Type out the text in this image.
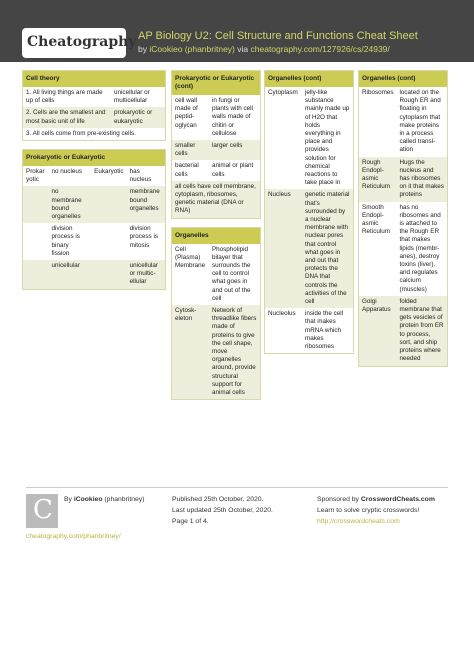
Cheatography AP Biology U2: Cell Structure and Functions Cheat Sheet
by iCookieo (phanbritney) via cheatography.com/127926/cs/24939/
Cell theory
1. All living things are made up of cells	unicellular or multicellular
2. Cells are the smallest and most basic unit of life	prokaryotic or eukaryotic
3. All cells come from pre-existing cells.
Prokaryotic or Eukaryotic
Prokar yotic	no nucleus	Eukaryotic	has nucleus
	no membrane bound organelles		membrane bound organelles
	division process is binary fission		division process is mitosis
	unicellular		unicellular or multicellular
Prokaryotic or Eukaryotic (cont)
cell wall made of peptidoglycan	in fungi or plants with cell walls made of chitin or cellulose
smaller cells	larger cells
bacterial cells	animal or plant cells
all cells have cell membrane, cytoplasm, ribosomes, genetic material (DNA or RNA)
Organelles
Cell (Plasma) Membrane	Phospholipid bilayer that surrounds the cell to control what goes in and out of the cell
Cytoskeleton	Network of threadlike fibers made of proteins to give the cell shape, move organelles around, provide structural support for animal cells
Organelles (cont)
Cytoplasm	jelly-like substance mainly made up of H2O that holds everything in place and provides solution for chemical reactions to take place in
Nucleus	genetic material that's surrounded by a nuclear membrane with nuclear pores that control what goes in and out that protects the DNA that controls the activities of the cell
Nucleolus	inside the cell that makes mRNA which makes ribosomes
Organelles (cont)
Ribosomes	located on the Rough ER and floating in cytoplasm that make proteins in a process called translation
Rough Endoplasmic Reticulum	Hugs the nucleus and has ribosomes on it that makes proteins
Smooth Endoplasmic Reticulum	has no ribosomes and is attached to the Rough ER that makes lipids (membranes), destroy toxins (liver), and regulates calcium (muscles)
Golgi Apparatus	folded membrane that gets vesicles of protein from ER to process, sort, and ship proteins where needed
C By iCookieo (phanbritney)
cheatography.com/phanbritney/
Published 25th October, 2020.
Last updated 25th October, 2020.
Page 1 of 4.
Sponsored by CrosswordCheats.com
Learn to solve cryptic crosswords!
http://crosswordcheats.com
